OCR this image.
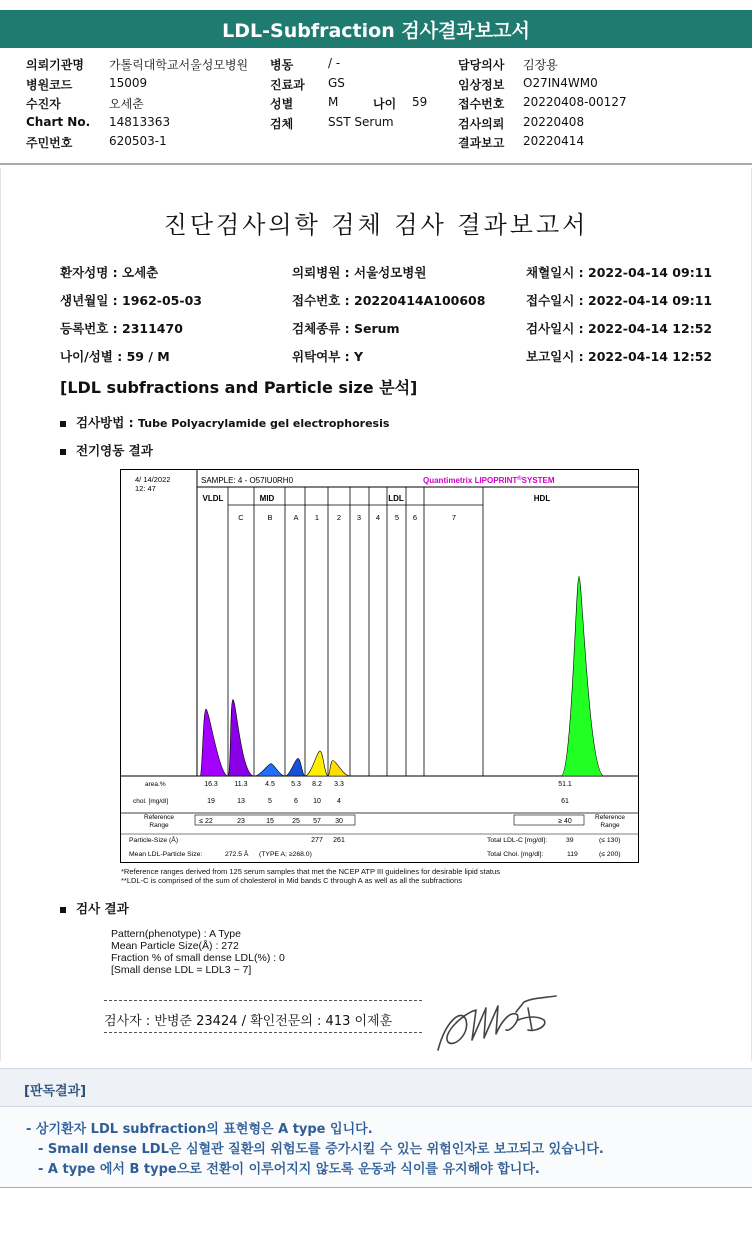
LDL-Subfraction 검사결과보고서
의뢰기관명 가톨릭대학교서울성모병원 병동	/ -	담당의사 김장용
병원코드	15009	진료과 GS	임상정보 O27IN4WM0
수진자	오세춘	성별	M	나이 59	접수번호 20220408-00127
Chart No. 14813363	검체	SST Serum	검사의뢰 20220408
주민번호	620503-1	결과보고 20220414
진단검사의학 검체 검사 결과보고서
환자성명 : 오세춘	의뢰병원 : 서울성모병원	채혈일시 : 2022-04-14 09:11
생년월일 : 1962-05-03	접수번호 : 20220414A100608	접수일시 : 2022-04-14 09:11
등록번호 : 2311470	검체종류 : Serum	검사일시 : 2022-04-14 12:52
나이/성별 : 59 / M	위탁여부 : Y	보고일시 : 2022-04-14 12:52
[LDL subfractions and Particle size 분석]
검사방법 : Tube Polyacrylamide gel electrophoresis
전기영동 결과
4/ 14/2022
12: 47
SAMPLE: 4 - O57IU0RH0	Quantimetrix LIPOPRINT®SYSTEM
VLDL	MID	LDL	HDL
C	B	A 1 2 3 4 5 6	7
area.%	16.3 11.3	4.5 5.3 8.2 3.3	51.1
chol. [mg/dl]	19	13	5	6 10 4	61
Reference
Range
Reference
Range
≤ 22	23	15	25 57 30	≥ 40
Particle-Size (Å)	277 261
Mean LDL-Particle Size:	272.5 Å (TYPE A; ≥268.0)
Total LDL-C [mg/dl]:	39	(≤ 130)
Total Chol. [mg/dl]:	119	(≤ 200)
*Reference ranges derived from 125 serum samples that met the NCEP ATP III guidelines for desirable lipid status
**LDL-C is comprised of the sum of cholesterol in Mid bands C through A as well as all the subfractions
검사 결과
Pattern(phenotype) : A Type
Mean Particle Size(Å) : 272
Fraction % of small dense LDL(%) : 0
[Small dense LDL = LDL3 ~ 7]
검사자 : 반병준 23424 / 확인전문의 : 413 이제훈
[판독결과]
- 상기환자 LDL subfraction의 표현형은 A type 입니다.
- Small dense LDL은 심혈관 질환의 위험도를 증가시킬 수 있는 위험인자로 보고되고 있습니다.
- A type 에서 B type으로 전환이 이루어지지 않도록 운동과 식이를 유지해야 합니다.
